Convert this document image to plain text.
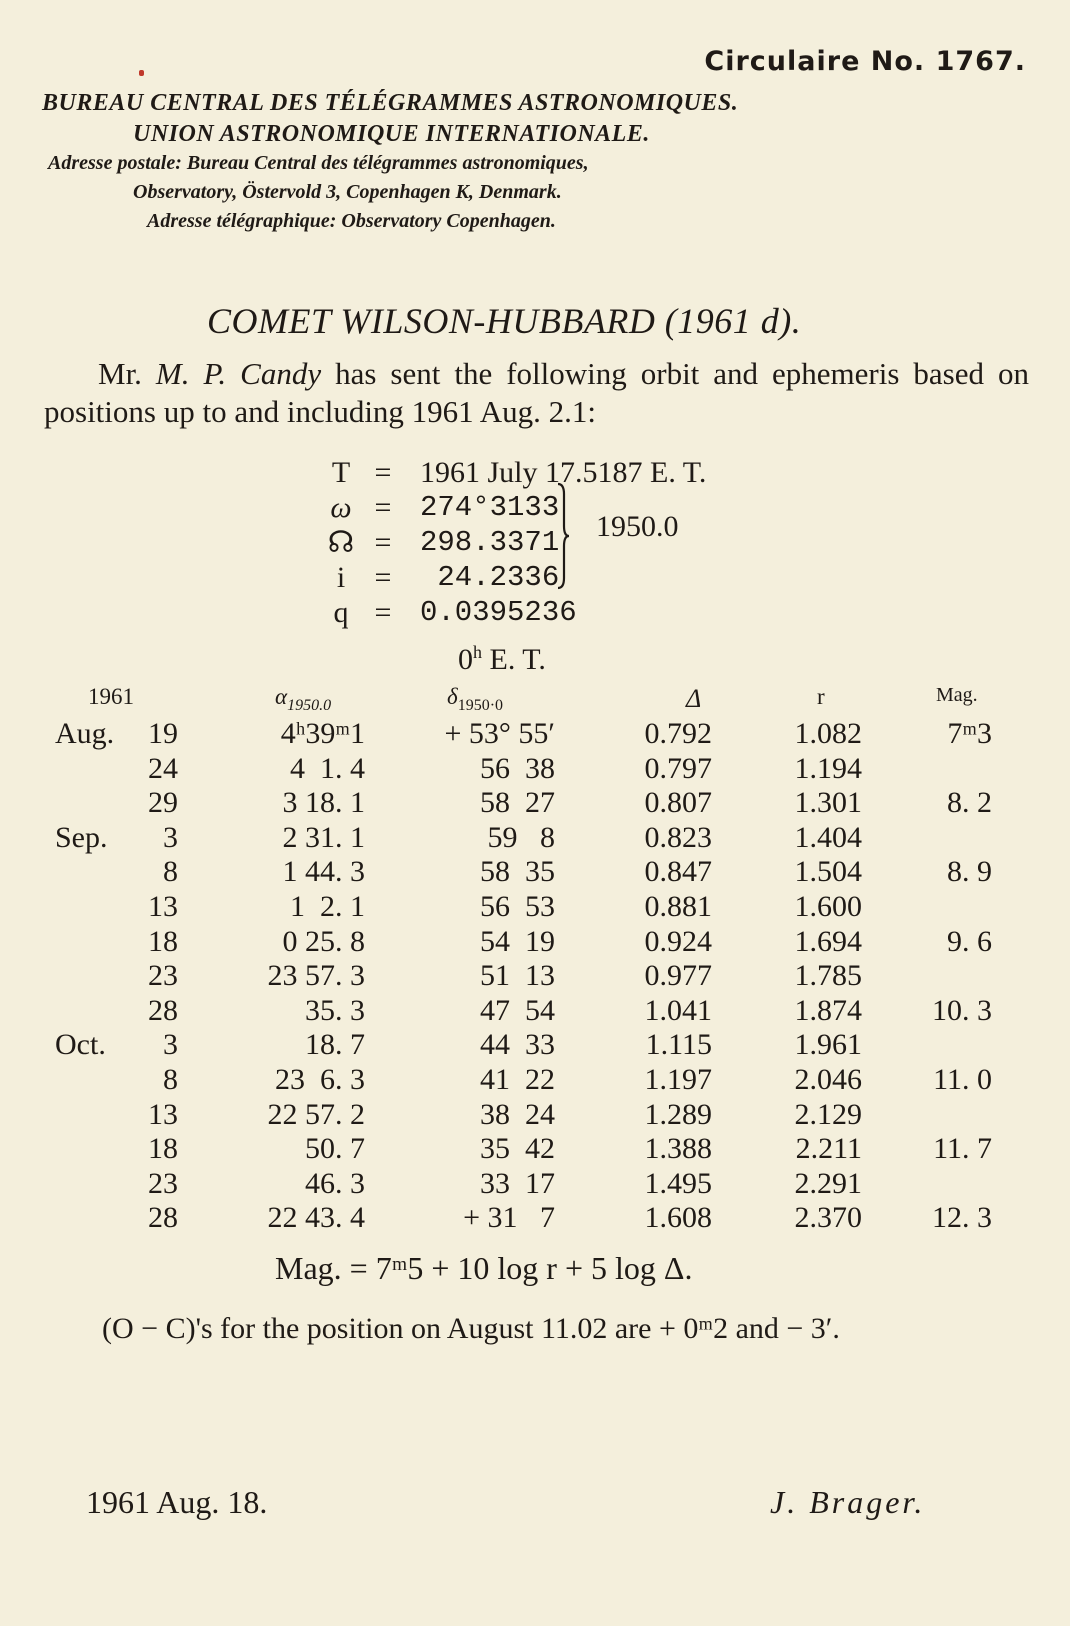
Circulaire No. 1767.
BUREAU CENTRAL DES TÉLÉGRAMMES ASTRONOMIQUES.
UNION ASTRONOMIQUE INTERNATIONALE.
Adresse postale: Bureau Central des télégrammes astronomiques,
Observatory, Östervold 3, Copenhagen K, Denmark.
Adresse télégraphique: Observatory Copenhagen.
COMET WILSON-HUBBARD (1961 d).
Mr. M. P. Candy has sent the following orbit and ephemeris based on positions up to and including 1961 Aug. 2.1:
T = 1961 July 17.5187 E. T.
ω = 274°3133
☊ = 298.3371
i = 24.2336
q = 0.0395236
1950.0
0$^h$ E. T.
1961	$\alpha_{1950.0}$	$\delta_{1950\cdot 0}$	Δ	r	Mag.
Aug.	19	4ʰ39ᵐ1	+ 53° 55′	0.792	1.082	7ᵐ3
24	4  1. 4	56  38	0.797	1.194
29	3 18. 1	58  27	0.807	1.301	8. 2
Sep.	3	2 31. 1	59   8	0.823	1.404
8	1 44. 3	58  35	0.847	1.504	8. 9
13	1  2. 1	56  53	0.881	1.600
18	0 25. 8	54  19	0.924	1.694	9. 6
23	23 57. 3	51  13	0.977	1.785
28	35. 3	47  54	1.041	1.874	10. 3
Oct.	3	18. 7	44  33	1.115	1.961
8	23  6. 3	41  22	1.197	2.046	11. 0
13	22 57. 2	38  24	1.289	2.129
18	50. 7	35  42	1.388	2.211	11. 7
23	46. 3	33  17	1.495	2.291
28	22 43. 4	+ 31   7	1.608	2.370	12. 3
Mag. = 7ᵐ5 + 10 log r + 5 log Δ.
(O − C)'s for the position on August 11.02 are + 0ᵐ2 and − 3′.
1961 Aug. 18.	J. Brager.
